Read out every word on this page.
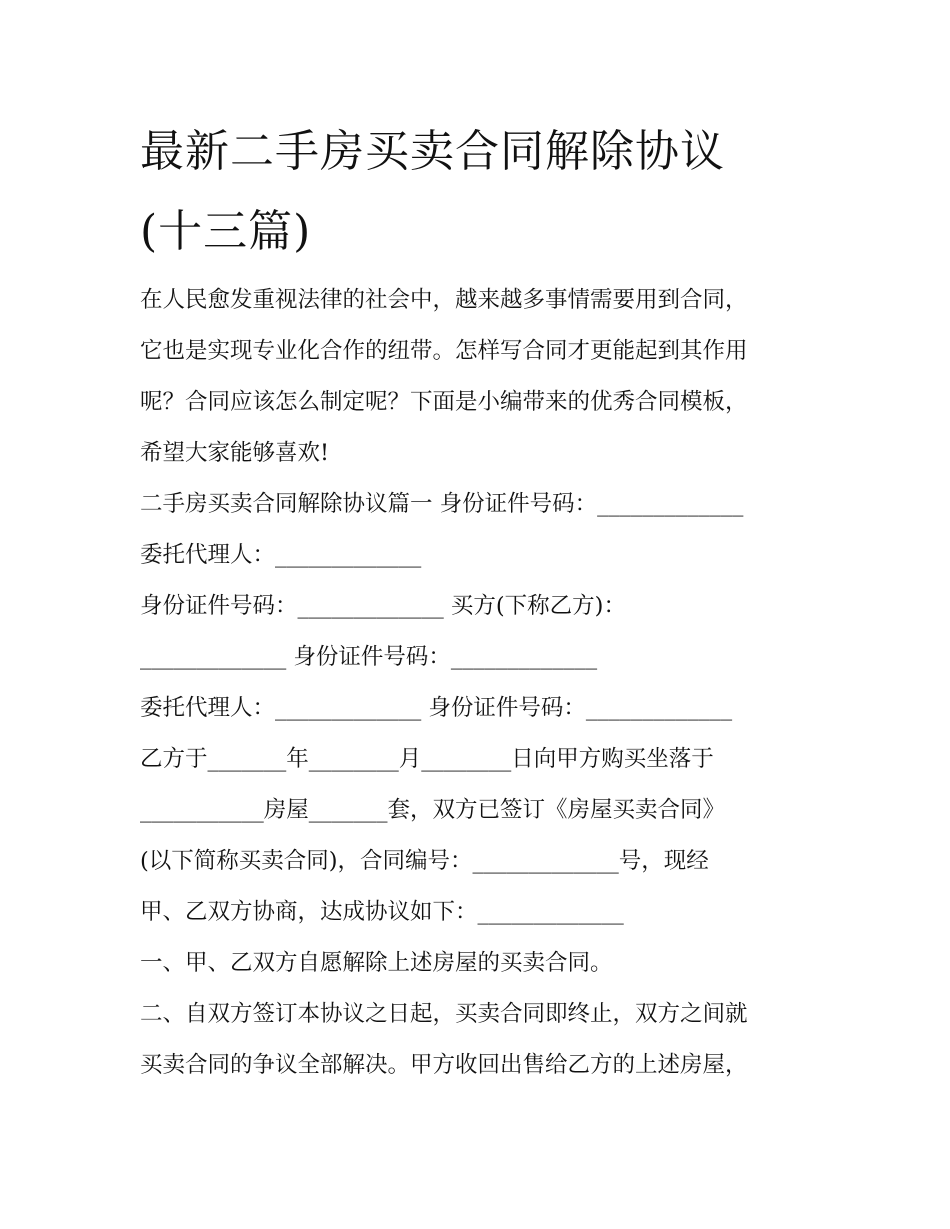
最新二手房买卖合同解除协议
(十三篇)
在人民愈发重视法律的社会中，越来越多事情需要用到合同，
它也是实现专业化合作的纽带。怎样写合同才更能起到其作用
呢？合同应该怎么制定呢？下面是小编带来的优秀合同模板，
希望大家能够喜欢!
二手房买卖合同解除协议篇一 身份证件号码：_____________
委托代理人：_____________
身份证件号码：_____________ 买方(下称乙方)：
_____________ 身份证件号码：_____________
委托代理人：_____________ 身份证件号码：_____________
乙方于_______年________月________日向甲方购买坐落于
___________房屋_______套，双方已签订《房屋买卖合同》
(以下简称买卖合同)，合同编号：_____________号，现经
甲、乙双方协商，达成协议如下：_____________
一、甲、乙双方自愿解除上述房屋的买卖合同。
二、自双方签订本协议之日起，买卖合同即终止，双方之间就
买卖合同的争议全部解决。甲方收回出售给乙方的上述房屋，
